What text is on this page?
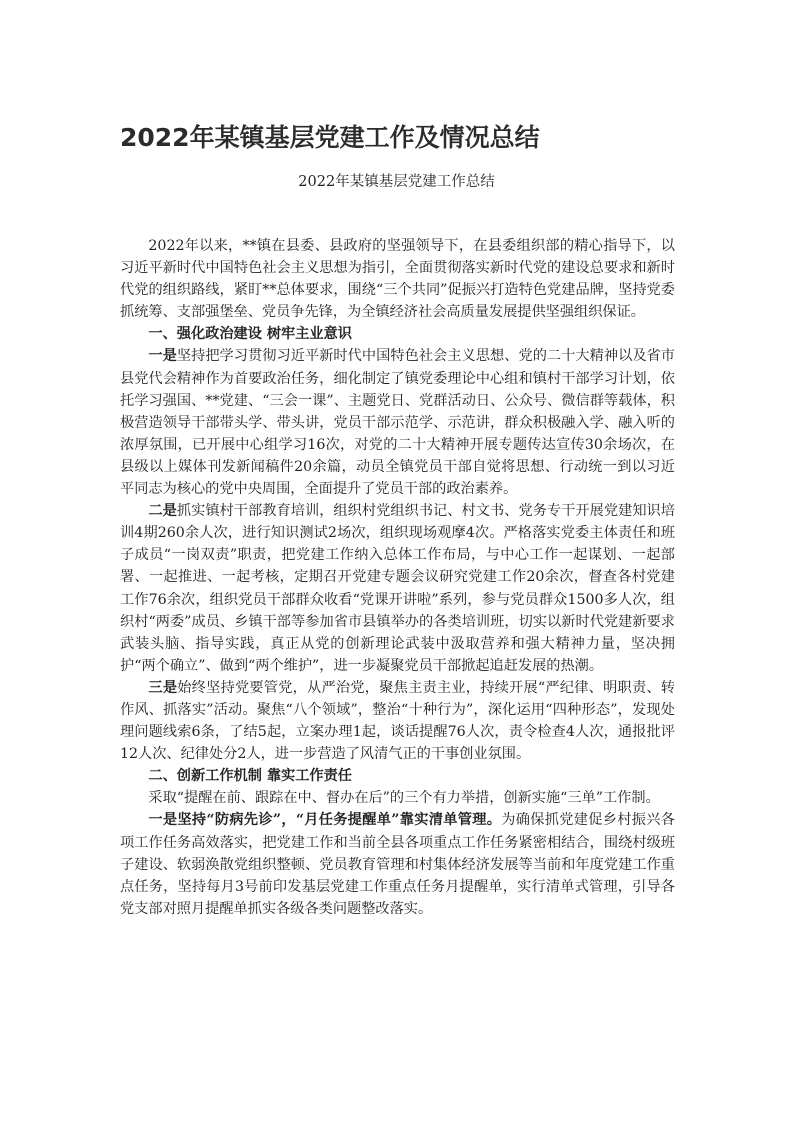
2022年某镇基层党建工作及情况总结
2022年某镇基层党建工作总结

2022年以来，**镇在县委、县政府的坚强领导下，在县委组织部的精心指导下，以习近平新时代中国特色社会主义思想为指引，全面贯彻落实新时代党的建设总要求和新时代党的组织路线，紧盯**总体要求，围绕“三个共同”促振兴打造特色党建品牌，坚持党委抓统筹、支部强堡垒、党员争先锋，为全镇经济社会高质量发展提供坚强组织保证。

一、强化政治建设 树牢主业意识

一是坚持把学习贯彻习近平新时代中国特色社会主义思想、党的二十大精神以及省市县党代会精神作为首要政治任务，细化制定了镇党委理论中心组和镇村干部学习计划，依托学习强国、**党建、“三会一课”、主题党日、党群活动日、公众号、微信群等载体，积极营造领导干部带头学、带头讲，党员干部示范学、示范讲，群众积极融入学、融入听的浓厚氛围，已开展中心组学习16次，对党的二十大精神开展专题传达宣传30余场次，在县级以上媒体刊发新闻稿件20余篇，动员全镇党员干部自觉将思想、行动统一到以习近平同志为核心的党中央周围，全面提升了党员干部的政治素养。

二是抓实镇村干部教育培训，组织村党组织书记、村文书、党务专干开展党建知识培训4期260余人次，进行知识测试2场次，组织现场观摩4次。严格落实党委主体责任和班子成员“一岗双责”职责，把党建工作纳入总体工作布局，与中心工作一起谋划、一起部署、一起推进、一起考核，定期召开党建专题会议研究党建工作20余次，督查各村党建工作76余次，组织党员干部群众收看“党课开讲啦”系列，参与党员群众1500多人次，组织村“两委”成员、乡镇干部等参加省市县镇举办的各类培训班，切实以新时代党建新要求武装头脑、指导实践，真正从党的创新理论武装中汲取营养和强大精神力量，坚决拥护“两个确立”、做到“两个维护”，进一步凝聚党员干部掀起追赶发展的热潮。

三是始终坚持党要管党，从严治党，聚焦主责主业，持续开展“严纪律、明职责、转作风、抓落实”活动。聚焦“八个领域”，整治“十种行为”，深化运用“四种形态”，发现处理问题线索6条，了结5起，立案办理1起，谈话提醒76人次，责令检查4人次，通报批评12人次、纪律处分2人，进一步营造了风清气正的干事创业氛围。

二、创新工作机制 靠实工作责任

采取“提醒在前、跟踪在中、督办在后”的三个有力举措，创新实施“三单”工作制。

一是坚持“防病先诊”，“月任务提醒单”靠实清单管理。为确保抓党建促乡村振兴各项工作任务高效落实，把党建工作和当前全县各项重点工作任务紧密相结合，围绕村级班子建设、软弱涣散党组织整顿、党员教育管理和村集体经济发展等当前和年度党建工作重点任务，坚持每月3号前印发基层党建工作重点任务月提醒单，实行清单式管理，引导各党支部对照月提醒单抓实各级各类问题整改落实。
